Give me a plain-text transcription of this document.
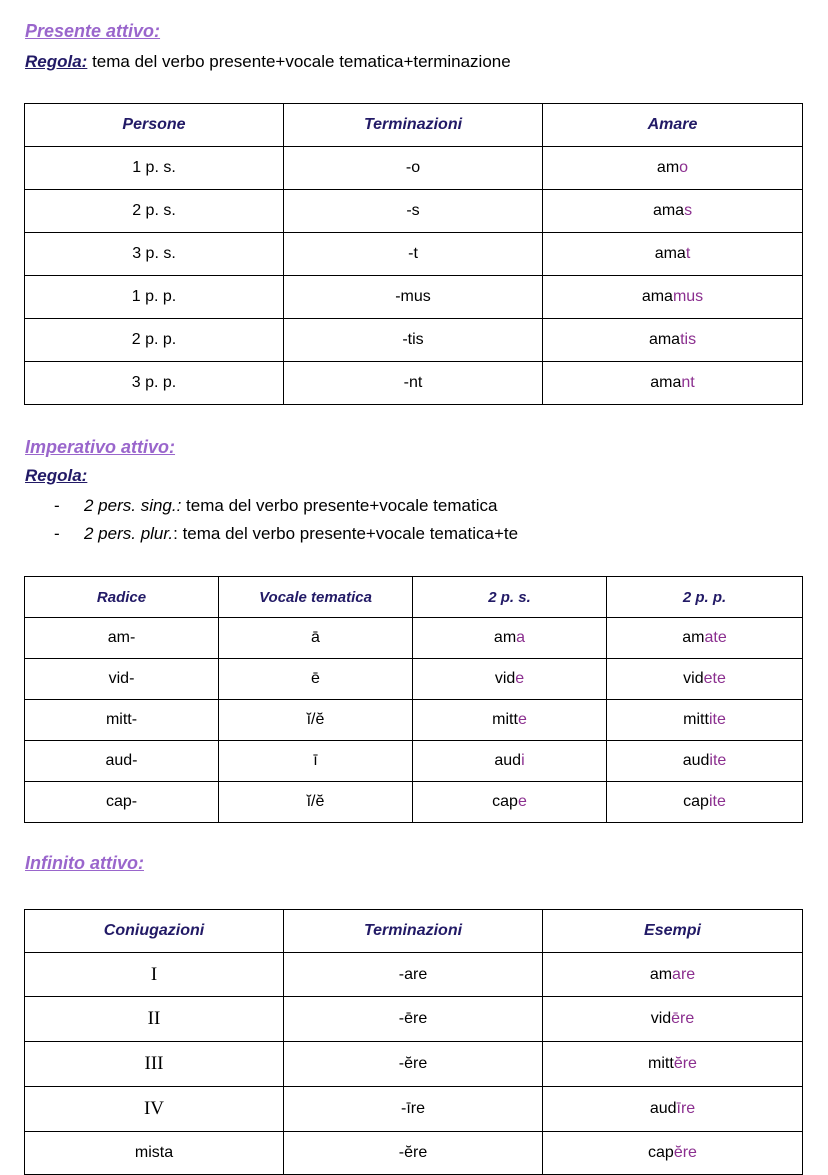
Presente attivo:
Regola: tema del verbo presente+vocale tematica+terminazione
Persone	Terminazioni	Amare
1 p. s.	-o	amo
2 p. s.	-s	amas
3 p. s.	-t	amat
1 p. p.	-mus	amamus
2 p. p.	-tis	amatis
3 p. p.	-nt	amant
Imperativo attivo:
Regola:
- 2 pers. sing.: tema del verbo presente+vocale tematica
- 2 pers. plur.: tema del verbo presente+vocale tematica+te
Radice	Vocale tematica	2 p. s.	2 p. p.
am-	ā	ama	amate
vid-	ē	vide	videte
mitt-	ĭ/ĕ	mitte	mittite
aud-	ī	audi	audite
cap-	ĭ/ĕ	cape	capite
Infinito attivo:
Coniugazioni	Terminazioni	Esempi
I	-are	amare
II	-ēre	vidēre
III	-ĕre	mittĕre
IV	-īre	audīre
mista	-ĕre	capĕre
